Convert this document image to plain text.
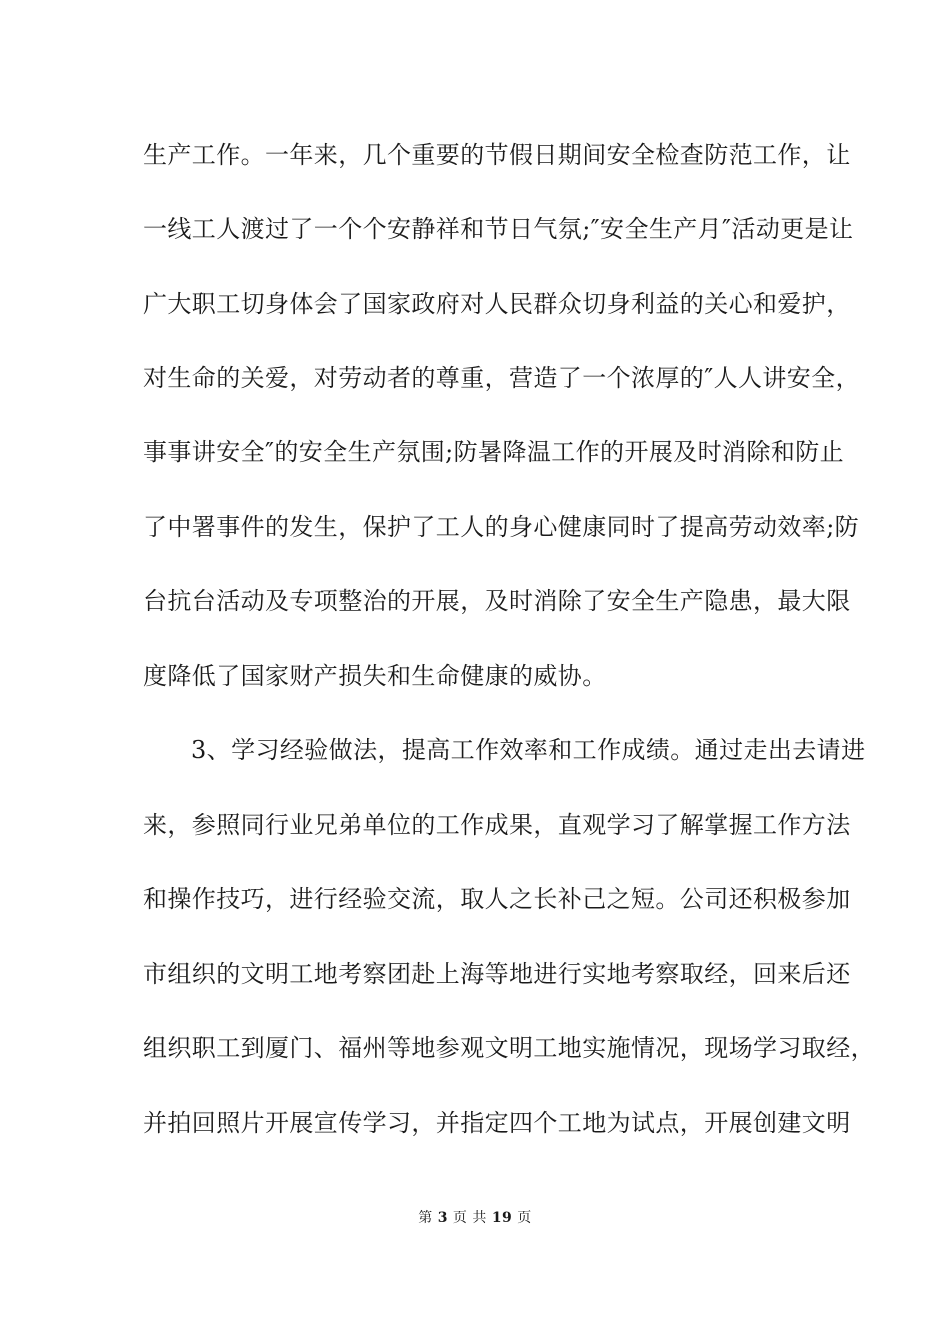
生产工作。一年来，几个重要的节假日期间安全检查防范工作，让
一线工人渡过了一个个安静祥和节日气氛;″安全生产月″活动更是让
广大职工切身体会了国家政府对人民群众切身利益的关心和爱护，
对生命的关爱，对劳动者的尊重，营造了一个浓厚的″人人讲安全，
事事讲安全″的安全生产氛围;防暑降温工作的开展及时消除和防止
了中署事件的发生，保护了工人的身心健康同时了提高劳动效率;防
台抗台活动及专项整治的开展，及时消除了安全生产隐患，最大限
度降低了国家财产损失和生命健康的威协。
3、学习经验做法，提高工作效率和工作成绩。通过走出去请进
来，参照同行业兄弟单位的工作成果，直观学习了解掌握工作方法
和操作技巧，进行经验交流，取人之长补己之短。公司还积极参加
市组织的文明工地考察团赴上海等地进行实地考察取经，回来后还
组织职工到厦门、福州等地参观文明工地实施情况，现场学习取经，
并拍回照片开展宣传学习，并指定四个工地为试点，开展创建文明
第 3 页 共 19 页
